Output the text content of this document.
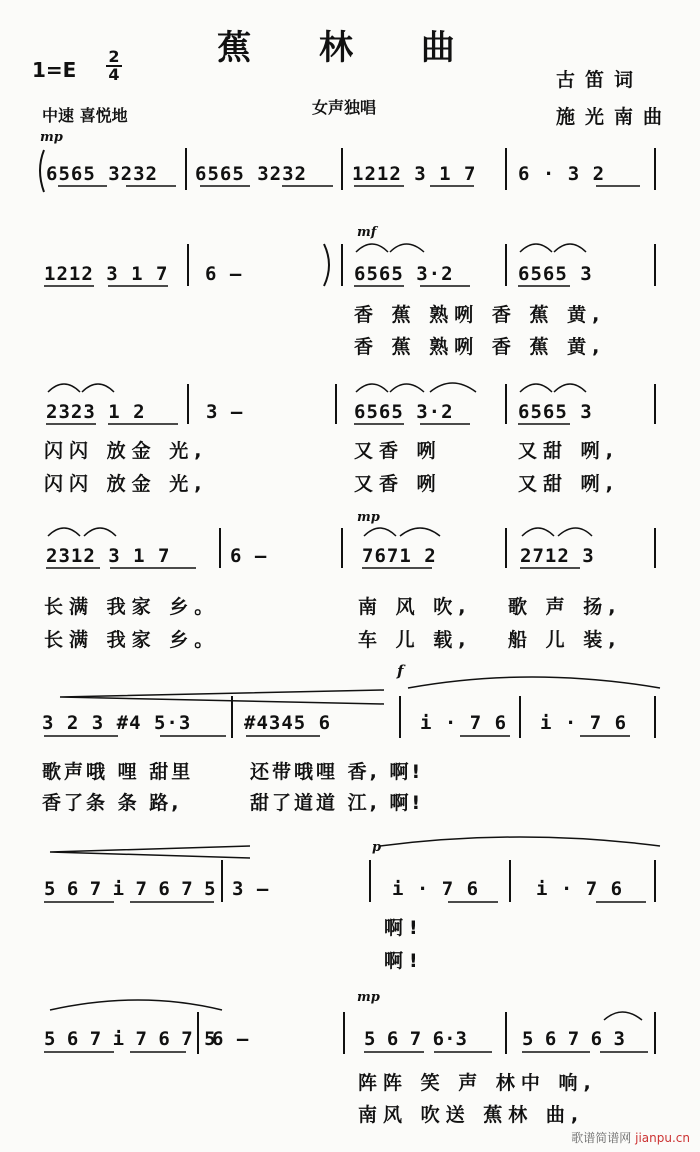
蕉 林 曲
1=E
2
4
中速 喜悦地	女声独唱
古笛词
施光南曲
mp
mf
mp
f
p
mp
6565 3232 6565 3232 1212 3 1 7 6 · 3 2
1212 3 1 7 6 —	6565 3·2	6565 3
香 蕉 熟咧 香 蕉 黄,
香 蕉 熟咧 香 蕉 黄,
2323 1 2	3 —	6565 3·2	6565 3
闪闪 放金 光,	又香 咧	又甜 咧,
闪闪 放金 光,	又香 咧	又甜 咧,
2312 3 1 7	6 —	7671 2	2712 3
长满 我家 乡。	南 风 吹, 歌 声 扬,
长满 我家 乡。	车 儿 载, 船 儿 装,
3 2 3 #4 5·3	#4345 6	i · 7 6 i · 7 6
歌声哦 哩 甜里	还带哦哩 香, 啊!
香了条 条 路,	甜了道道 江, 啊!
5 6 7 i 7 6 7 5 3 —	i · 7 6	i · 7 6
啊!
啊!
5 6 7 i 7 6 7 5
6 —	5 6 7 6·3	5 6 7 6 3
阵阵 笑 声 林中 响,
南风 吹送 蕉林 曲,
歌谱简谱网 jianpu.cn
